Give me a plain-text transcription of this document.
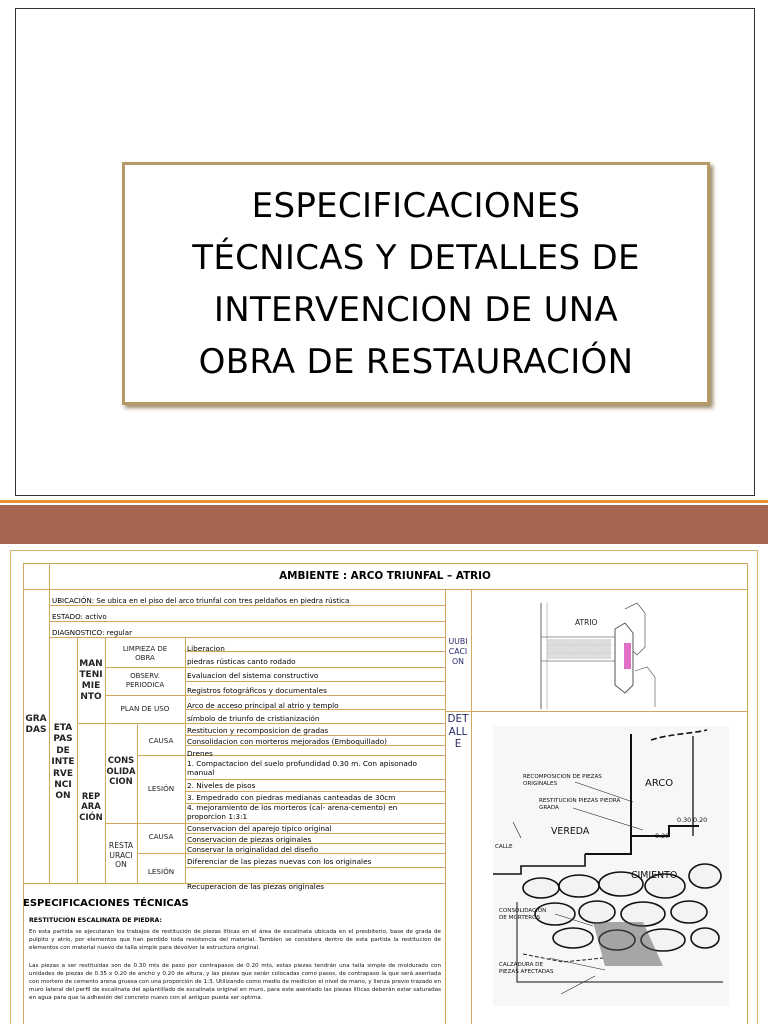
ESPECIFICACIONES
TÉCNICAS Y DETALLES DE
INTERVENCION DE UNA
OBRA DE RESTAURACIÓN

AMBIENTE : ARCO TRIUNFAL – ATRIO
UBICACIÓN: Se ubica en el piso del arco triunfal con tres peldaños en piedra rústica
ESTADO: activo
DIAGNOSTICO: regular
GRA
DAS ETA
PAS
DE
INTE
RVE
NCI
ON
MAN
TENI
MIE
NTO
REP
ARA
CIÓN
CONS
OLIDA
CION
RESTA
URACI
ON
LIMPIEZA DE
OBRA
OBSERV.
PERIODICA
PLAN DE USO
CAUSA
LESIÓN
CAUSA
LESIÓN
Liberacion
piedras rústicas canto rodado
Evaluacion del sistema constructivo
Registros fotográficos y documentales
Arco de acceso principal al atrio y templo
símbolo de triunfo de cristianización
Restitucion y recomposicion de gradas
Consolidacion con morteros mejorados (Emboquillado)
Drenes
1. Compactacion del suelo profundidad 0.30 m. Con apisonado
manual
2. Niveles de pisos
3. Empedrado con piedras medianas canteadas de 30cm
4. mejoramiento de los morteros (cal- arena-cemento) en
proporcion 1:3:1
Conservacion del aparejo tipico original
Conservacion de piezas originales
Conservar la originalidad del diseño
Diferenciar de las piezas nuevas con los originales
Recuperacion de las piezas originales
UUBI
CACI
ON
DET
ALL
E
ESPECIFICACIONES TÉCNICAS
RESTITUCION ESCALINATA DE PIEDRA:
En esta partida se ejecutaran los trabajos de restitución de piezas líticas en el área de escalinata ubicada en el presbiterio, base de grada de pulpito y atrio, por elementos que han perdido toda resistencia del material. Tambien se considera dentro de esta partida la restitucion de elementos con material nuevo de talla simple para devolver la estructura original.
Las piezas a ser restituidas son de 0.30 mts de paso por contrapasos de 0.20 mts, estas piezas tendrán una talla simple de moldurado con unidades de piezas de 0.35 x 0.20 de ancho y 0.20 de altura, y las piezas que serán colocadas como pasos, de contrapaso la que será asentada con mortero de cemento arena gruesa con una proporción de 1:3. Utilizando como medio de medicion el nivel de mano, y lienza previo trazado en muro lateral del perfil de escalinata del aplantillado de escalinata original en muro, para este asentado las piezas líticas deberán estar saturadas en agua para que la adhesión del concreto nuevo con el antiguo pueda ser optima.
ATRIO
RECOMPOSICION DE PIEZAS
ORIGINALES	ARCO
RESTITUCION PIEZAS PIEDRA
GRADA
0.30 0.20
VEREDA	0.20
CALLE
CIMIENTO
CONSOLIDACION
DE MORTEROS
CALZADURA DE
PIEZAS AFECTADAS
